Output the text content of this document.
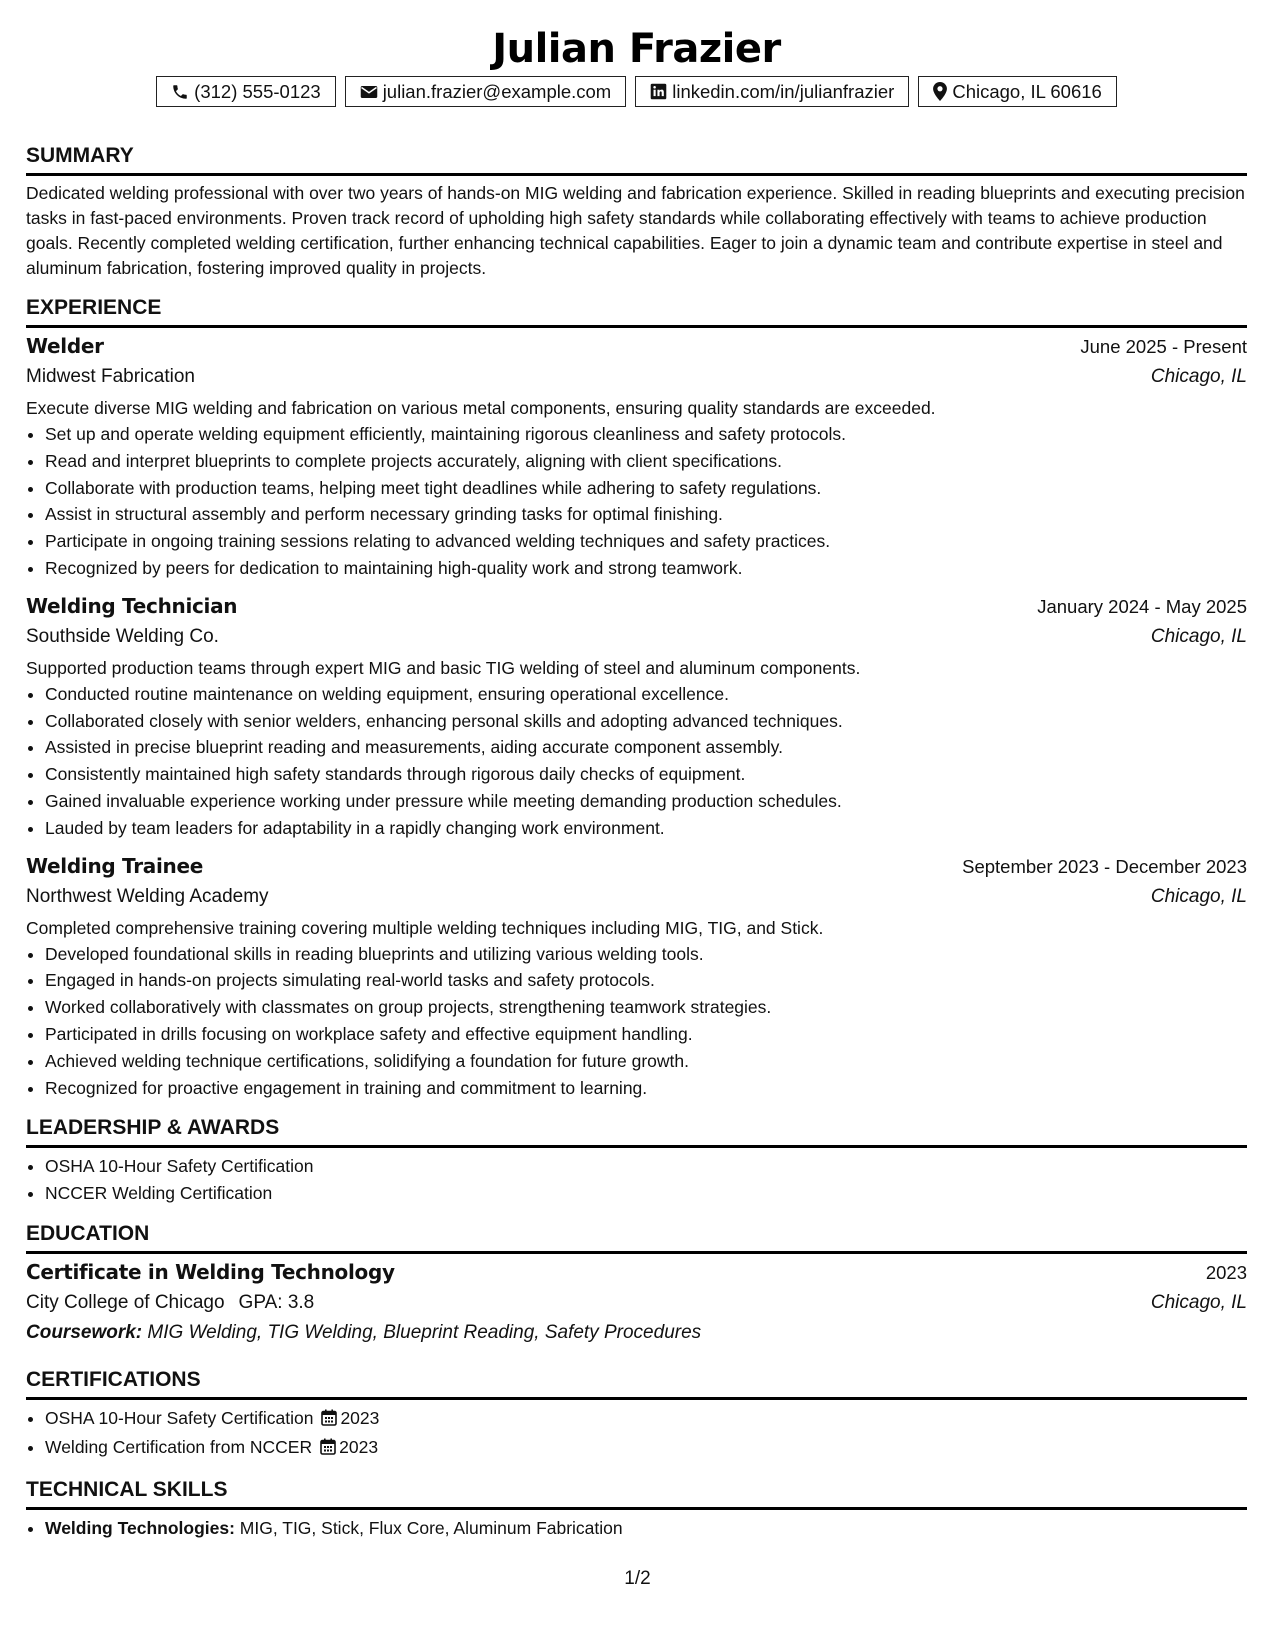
Julian Frazier
(312) 555-0123	julian.frazier@example.com	linkedin.com/in/julianfrazier	Chicago, IL 60616
SUMMARY
Dedicated welding professional with over two years of hands-on MIG welding and fabrication experience. Skilled in reading blueprints and executing precision tasks in fast-paced environments. Proven track record of upholding high safety standards while collaborating effectively with teams to achieve production goals. Recently completed welding certification, further enhancing technical capabilities. Eager to join a dynamic team and contribute expertise in steel and aluminum fabrication, fostering improved quality in projects.
EXPERIENCE
Welder	June 2025 - Present
Midwest Fabrication	Chicago, IL
Execute diverse MIG welding and fabrication on various metal components, ensuring quality standards are exceeded.
• Set up and operate welding equipment efficiently, maintaining rigorous cleanliness and safety protocols.
• Read and interpret blueprints to complete projects accurately, aligning with client specifications.
• Collaborate with production teams, helping meet tight deadlines while adhering to safety regulations.
• Assist in structural assembly and perform necessary grinding tasks for optimal finishing.
• Participate in ongoing training sessions relating to advanced welding techniques and safety practices.
• Recognized by peers for dedication to maintaining high-quality work and strong teamwork.
Welding Technician	January 2024 - May 2025
Southside Welding Co.	Chicago, IL
Supported production teams through expert MIG and basic TIG welding of steel and aluminum components.
• Conducted routine maintenance on welding equipment, ensuring operational excellence.
• Collaborated closely with senior welders, enhancing personal skills and adopting advanced techniques.
• Assisted in precise blueprint reading and measurements, aiding accurate component assembly.
• Consistently maintained high safety standards through rigorous daily checks of equipment.
• Gained invaluable experience working under pressure while meeting demanding production schedules.
• Lauded by team leaders for adaptability in a rapidly changing work environment.
Welding Trainee	September 2023 - December 2023
Northwest Welding Academy	Chicago, IL
Completed comprehensive training covering multiple welding techniques including MIG, TIG, and Stick.
• Developed foundational skills in reading blueprints and utilizing various welding tools.
• Engaged in hands-on projects simulating real-world tasks and safety protocols.
• Worked collaboratively with classmates on group projects, strengthening teamwork strategies.
• Participated in drills focusing on workplace safety and effective equipment handling.
• Achieved welding technique certifications, solidifying a foundation for future growth.
• Recognized for proactive engagement in training and commitment to learning.
LEADERSHIP & AWARDS
• OSHA 10-Hour Safety Certification
• NCCER Welding Certification
EDUCATION
Certificate in Welding Technology	2023
City College of Chicago GPA: 3.8	Chicago, IL
Coursework: MIG Welding, TIG Welding, Blueprint Reading, Safety Procedures
CERTIFICATIONS
• OSHA 10-Hour Safety Certification 2023
• Welding Certification from NCCER 2023
TECHNICAL SKILLS
• Welding Technologies: MIG, TIG, Stick, Flux Core, Aluminum Fabrication
1/2
